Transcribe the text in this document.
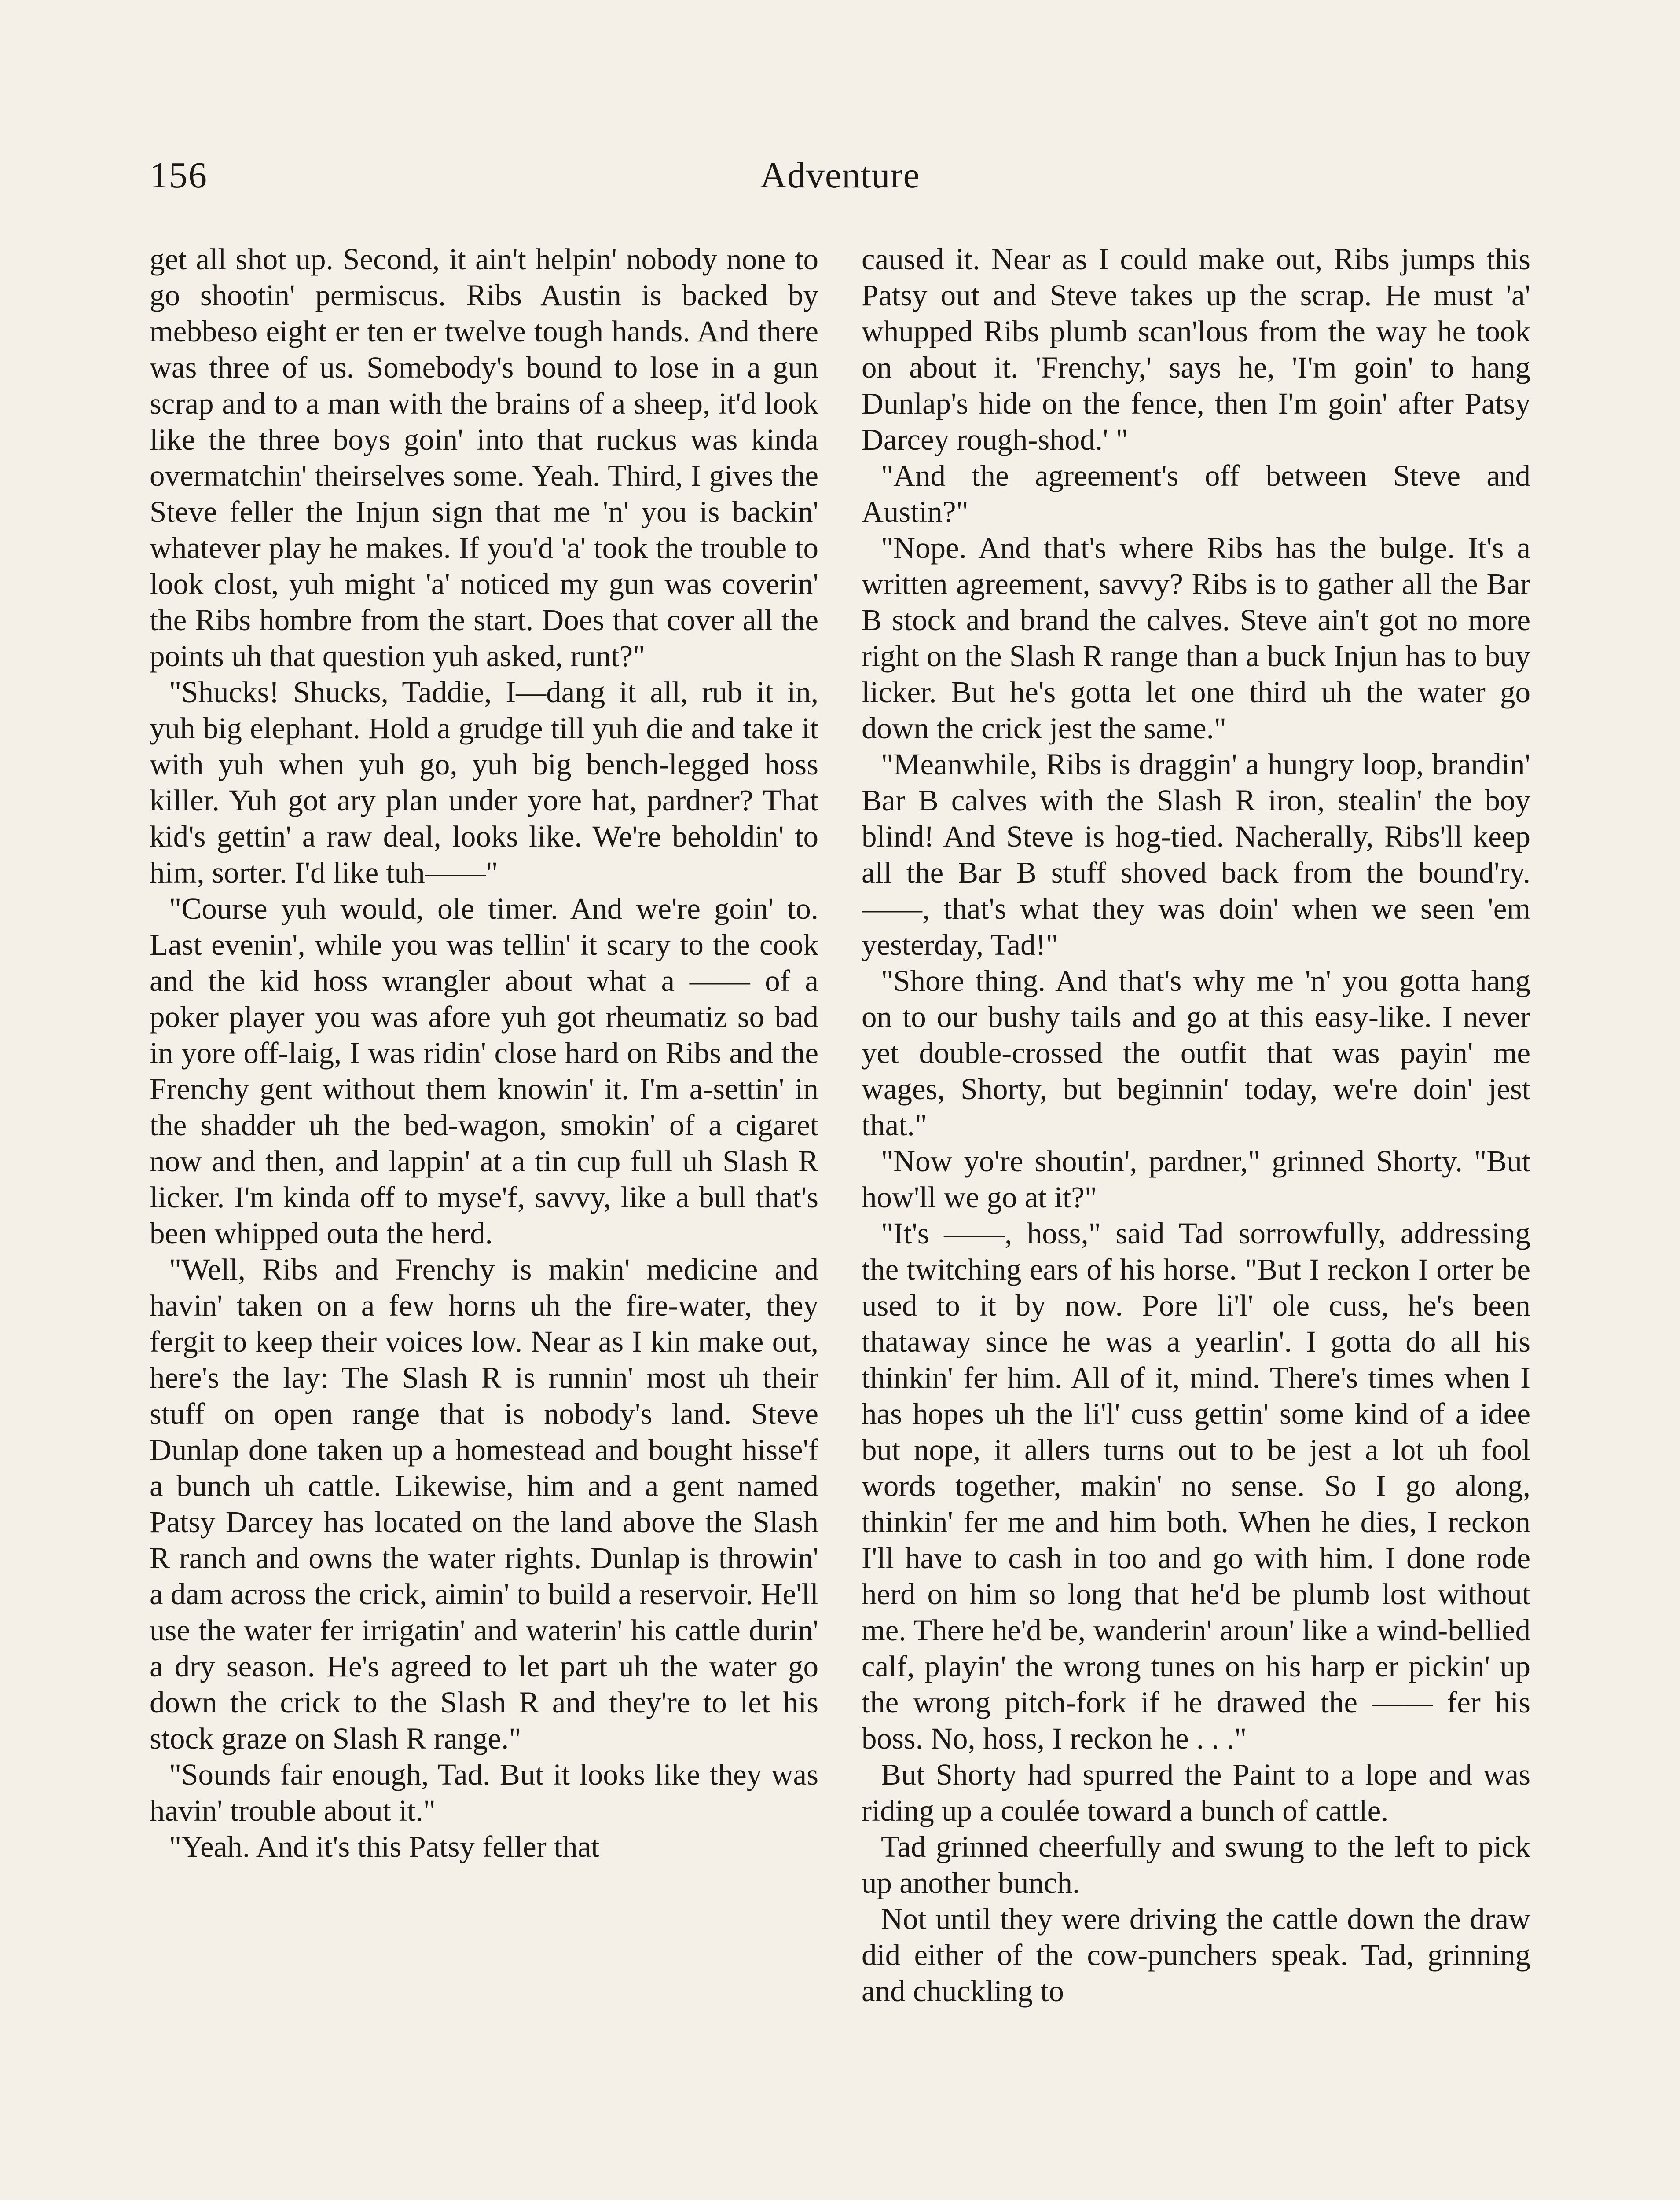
156	Adventure

get all shot up. Second, it ain't helpin' nobody none to go shootin' permiscus. Ribs Austin is backed by mebbeso eight er ten er twelve tough hands. And there was three of us. Somebody's bound to lose in a gun scrap and to a man with the brains of a sheep, it'd look like the three boys goin' into that ruckus was kinda overmatchin' theirselves some. Yeah. Third, I gives the Steve feller the Injun sign that me 'n' you is backin' whatever play he makes. If you'd 'a' took the trouble to look clost, yuh might 'a' noticed my gun was coverin' the Ribs hombre from the start. Does that cover all the points uh that question yuh asked, runt?"

"Shucks! Shucks, Taddie, I—dang it all, rub it in, yuh big elephant. Hold a grudge till yuh die and take it with yuh when yuh go, yuh big bench-legged hoss killer. Yuh got ary plan under yore hat, pardner? That kid's gettin' a raw deal, looks like. We're beholdin' to him, sorter. I'd like tuh——"

"Course yuh would, ole timer. And we're goin' to. Last evenin', while you was tellin' it scary to the cook and the kid hoss wrangler about what a —— of a poker player you was afore yuh got rheumatiz so bad in yore off-laig, I was ridin' close hard on Ribs and the Frenchy gent without them knowin' it. I'm a-settin' in the shadder uh the bed-wagon, smokin' of a cigaret now and then, and lappin' at a tin cup full uh Slash R licker. I'm kinda off to myse'f, savvy, like a bull that's been whipped outa the herd.

"Well, Ribs and Frenchy is makin' medicine and havin' taken on a few horns uh the fire-water, they fergit to keep their voices low. Near as I kin make out, here's the lay: The Slash R is runnin' most uh their stuff on open range that is nobody's land. Steve Dunlap done taken up a homestead and bought hisse'f a bunch uh cattle. Likewise, him and a gent named Patsy Darcey has located on the land above the Slash R ranch and owns the water rights. Dunlap is throwin' a dam across the crick, aimin' to build a reservoir. He'll use the water fer irrigatin' and waterin' his cattle durin' a dry season. He's agreed to let part uh the water go down the crick to the Slash R and they're to let his stock graze on Slash R range."

"Sounds fair enough, Tad. But it looks like they was havin' trouble about it."

"Yeah. And it's this Patsy feller that

caused it. Near as I could make out, Ribs jumps this Patsy out and Steve takes up the scrap. He must 'a' whupped Ribs plumb scan'lous from the way he took on about it. 'Frenchy,' says he, 'I'm goin' to hang Dunlap's hide on the fence, then I'm goin' after Patsy Darcey rough-shod.' "

"And the agreement's off between Steve and Austin?"

"Nope. And that's where Ribs has the bulge. It's a written agreement, savvy? Ribs is to gather all the Bar B stock and brand the calves. Steve ain't got no more right on the Slash R range than a buck Injun has to buy licker. But he's gotta let one third uh the water go down the crick jest the same."

"Meanwhile, Ribs is draggin' a hungry loop, brandin' Bar B calves with the Slash R iron, stealin' the boy blind! And Steve is hog-tied. Nacherally, Ribs'll keep all the Bar B stuff shoved back from the bound'ry. ——, that's what they was doin' when we seen 'em yesterday, Tad!"

"Shore thing. And that's why me 'n' you gotta hang on to our bushy tails and go at this easy-like. I never yet double-crossed the outfit that was payin' me wages, Shorty, but beginnin' today, we're doin' jest that."

"Now yo're shoutin', pardner," grinned Shorty. "But how'll we go at it?"

"It's ——, hoss," said Tad sorrowfully, addressing the twitching ears of his horse. "But I reckon I orter be used to it by now. Pore li'l' ole cuss, he's been thataway since he was a yearlin'. I gotta do all his thinkin' fer him. All of it, mind. There's times when I has hopes uh the li'l' cuss gettin' some kind of a idee but nope, it allers turns out to be jest a lot uh fool words together, makin' no sense. So I go along, thinkin' fer me and him both. When he dies, I reckon I'll have to cash in too and go with him. I done rode herd on him so long that he'd be plumb lost without me. There he'd be, wanderin' aroun' like a wind-bellied calf, playin' the wrong tunes on his harp er pickin' up the wrong pitch-fork if he drawed the —— fer his boss. No, hoss, I reckon he . . ."

But Shorty had spurred the Paint to a lope and was riding up a coulée toward a bunch of cattle.

Tad grinned cheerfully and swung to the left to pick up another bunch.

Not until they were driving the cattle down the draw did either of the cow-punchers speak. Tad, grinning and chuckling to
